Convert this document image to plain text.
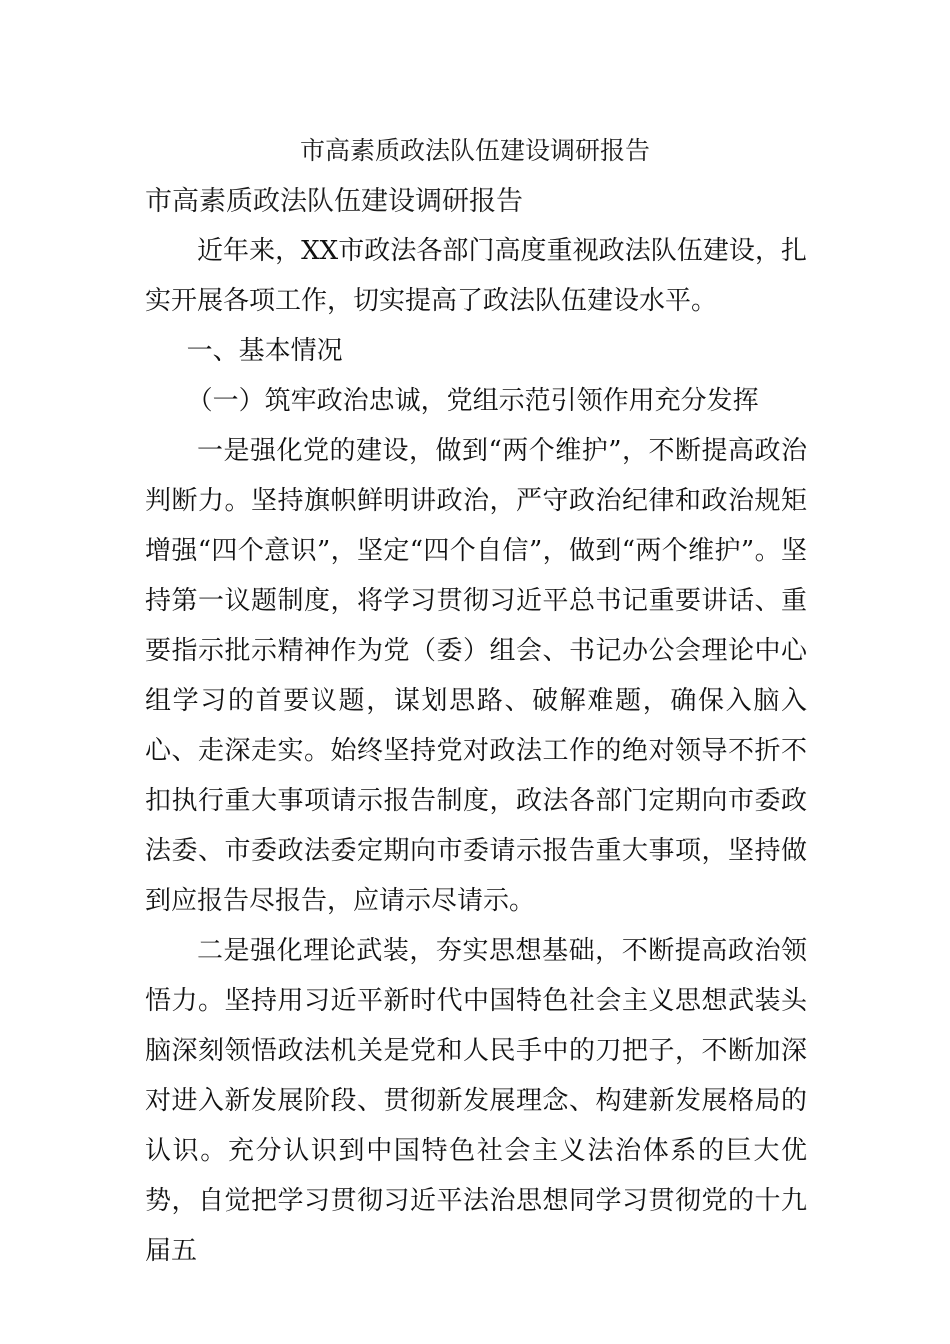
市高素质政法队伍建设调研报告
市高素质政法队伍建设调研报告

近年来，XX市政法各部门高度重视政法队伍建设，扎实开展各项工作，切实提高了政法队伍建设水平。

一、基本情况

（一）筑牢政治忠诚，党组示范引领作用充分发挥

一是强化党的建设，做到“两个维护”，不断提高政治判断力。坚持旗帜鲜明讲政治，严守政治纪律和政治规矩增强“四个意识”，坚定“四个自信”，做到“两个维护”。坚持第一议题制度，将学习贯彻习近平总书记重要讲话、重要指示批示精神作为党（委）组会、书记办公会理论中心组学习的首要议题，谋划思路、破解难题，确保入脑入心、走深走实。始终坚持党对政法工作的绝对领导不折不扣执行重大事项请示报告制度，政法各部门定期向市委政法委、市委政法委定期向市委请示报告重大事项，坚持做到应报告尽报告，应请示尽请示。

二是强化理论武装，夯实思想基础，不断提高政治领悟力。坚持用习近平新时代中国特色社会主义思想武装头脑深刻领悟政法机关是党和人民手中的刀把子，不断加深对进入新发展阶段、贯彻新发展理念、构建新发展格局的认识。充分认识到中国特色社会主义法治体系的巨大优势，自觉把学习贯彻习近平法治思想同学习贯彻党的十九届五
